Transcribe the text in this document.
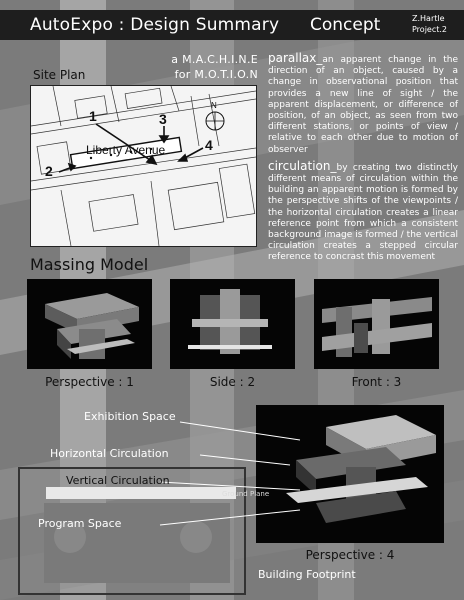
AutoExpo : Design Summary Concept	Z.Hartle
Project.2
a M.A.C.H.I.N.E
for M.O.T.I.O.N
Site Plan
1
2
3
4
Liberty Avenue
N
parallax_an apparent change in the direction of an object, caused by a change in observational position that provides a new line of sight / the apparent displacement, or difference of position, of an object, as seen from two different stations, or points of view / relative to each other due to motion of observer
circulation_by creating two distinctly different means of circulation within the building an apparent motion is formed by the perspective shifts of the viewpoints / the horizontal circulation creates a linear reference point from which a consistent background image is formed / the vertical circulation creates a stepped circular reference to concrast this movement
Massing Model
Perspective : 1	Side : 2	Front : 3
Exhibition Space
Horizontal Circulation
Vertical Circulation
Program Space
Ground Plane
Perspective : 4
Building Footprint
